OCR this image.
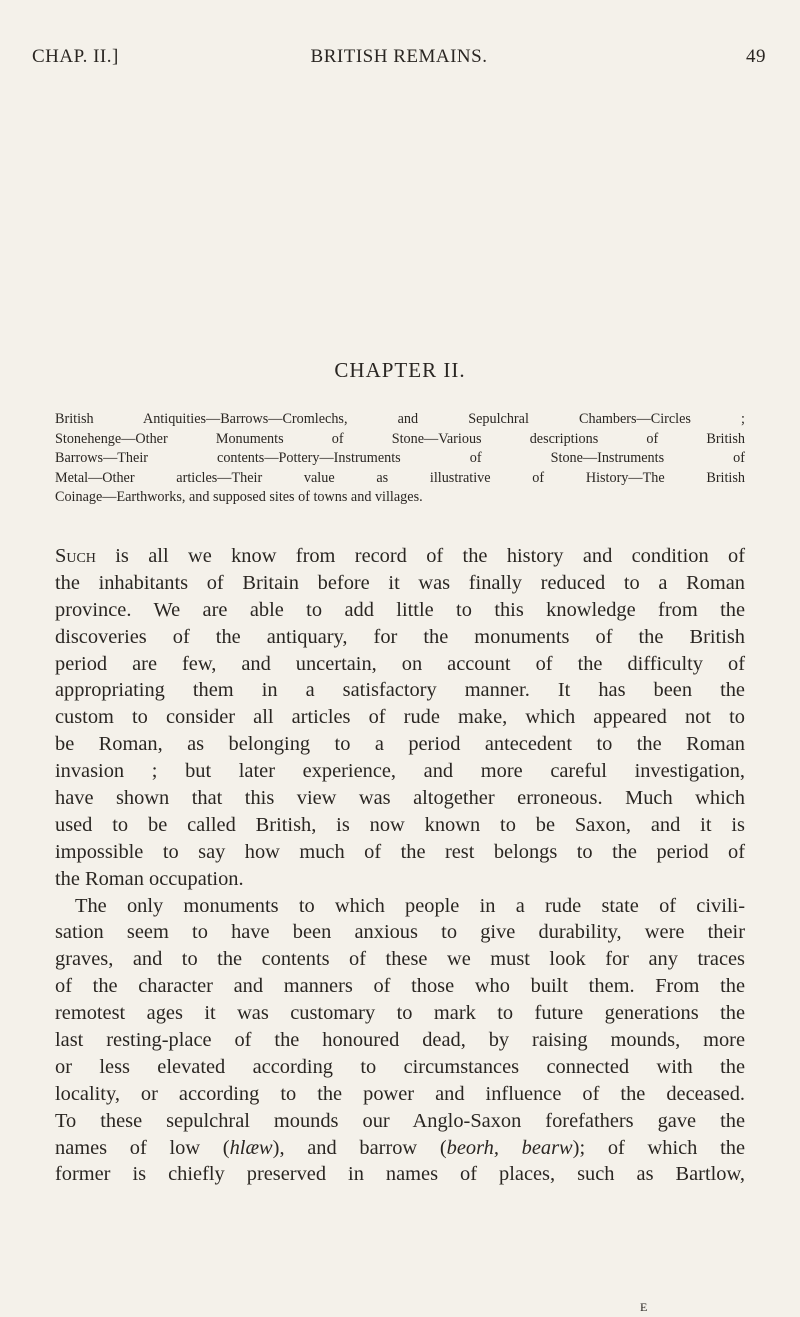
CHAP. II.]	BRITISH REMAINS.	49
CHAPTER II.
British Antiquities—Barrows—Cromlechs, and Sepulchral Chambers—Circles ;
Stonehenge—Other Monuments of Stone—Various descriptions of British
Barrows—Their contents—Pottery—Instruments of Stone—Instruments of
Metal—Other articles—Their value as illustrative of History—The British
Coinage—Earthworks, and supposed sites of towns and villages.
Such is all we know from record of the history and condition of
the inhabitants of Britain before it was finally reduced to a Roman
province. We are able to add little to this knowledge from the
discoveries of the antiquary, for the monuments of the British
period are few, and uncertain, on account of the difficulty of
appropriating them in a satisfactory manner. It has been the
custom to consider all articles of rude make, which appeared not to
be Roman, as belonging to a period antecedent to the Roman
invasion ; but later experience, and more careful investigation,
have shown that this view was altogether erroneous. Much which
used to be called British, is now known to be Saxon, and it is
impossible to say how much of the rest belongs to the period of
the Roman occupation.
The only monuments to which people in a rude state of civili-
sation seem to have been anxious to give durability, were their
graves, and to the contents of these we must look for any traces
of the character and manners of those who built them. From the
remotest ages it was customary to mark to future generations the
last resting-place of the honoured dead, by raising mounds, more
or less elevated according to circumstances connected with the
locality, or according to the power and influence of the deceased.
To these sepulchral mounds our Anglo-Saxon forefathers gave the
names of low (hlæw), and barrow (beorh, bearw); of which the
former is chiefly preserved in names of places, such as Bartlow,
E
